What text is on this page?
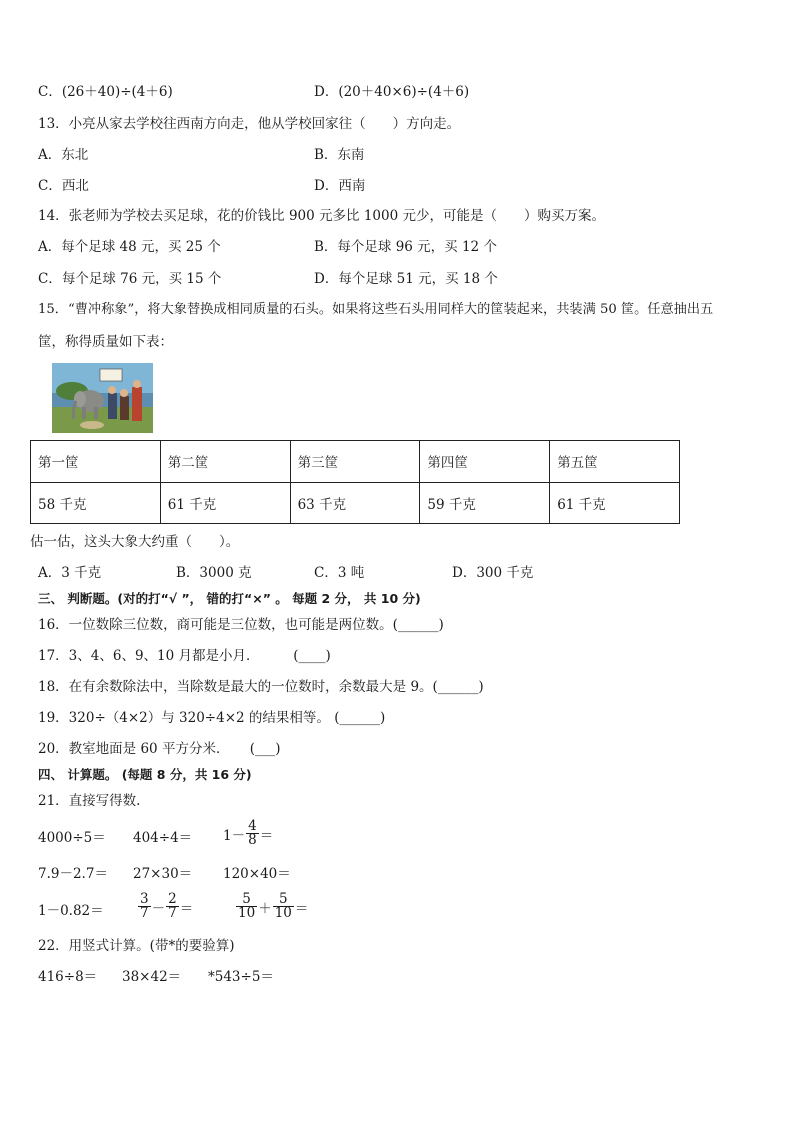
C．(26＋40)÷(4＋6)	D．(20＋40×6)÷(4＋6)
13．小亮从家去学校往西南方向走，他从学校回家往（　　）方向走。
A．东北	B．东南
C．西北	D．西南
14．张老师为学校去买足球，花的价钱比 900 元多比 1000 元少，可能是（　　）购买万案。
A．每个足球 48 元，买 25 个	B．每个足球 96 元，买 12 个
C．每个足球 76 元，买 15 个	D．每个足球 51 元，买 18 个
15．“曹冲称象”，将大象替换成相同质量的石头。如果将这些石头用同样大的筐装起来，共装满 50 筐。任意抽出五
筐，称得质量如下表：
第一筐	第二筐	第三筐	第四筐	第五筐
58 千克	61 千克	63 千克	59 千克	61 千克
估一估，这头大象大约重（　　）。
A．3 千克	B．3000 克	C．3 吨	D．300 千克
三、 判断题。(对的打“√ ”， 错的打“×” 。 每题 2 分， 共 10 分)
16．一位数除三位数，商可能是三位数，也可能是两位数。(______)
17．3、4、6、9、10 月都是小月．　　　(____)
18．在有余数除法中，当除数是最大的一位数时，余数最大是 9。(______)
19．320÷（4×2）与 320÷4×2 的结果相等。 (______)
20．教室地面是 60 平方分米．　　(___)
四、 计算题。 (每题 8 分，共 16 分)
21．直接写得数.
$4000\div 5= 404\div 4= 1- \frac{4}{8}$ ＝
7.9－2.7＝ 27×30＝ 120×40＝
1－0.82＝	$\frac{3}{7} - \frac{2}{7}$ ＝	$\frac{5}{10} + \frac{5}{10}$ ＝
22．用竖式计算。(带*的要验算)
416÷8＝ 38×42＝ *543÷5＝
